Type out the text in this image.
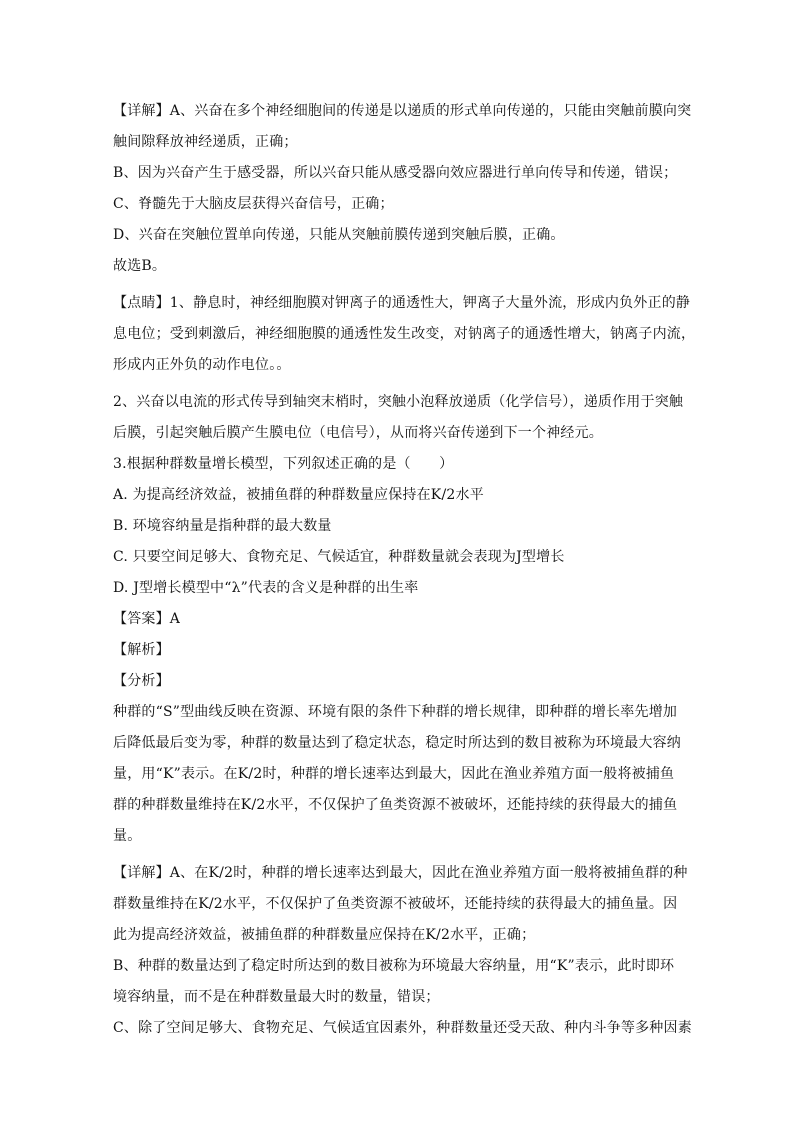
【详解】A、兴奋在多个神经细胞间的传递是以递质的形式单向传递的，只能由突触前膜向突
触间隙释放神经递质，正确；
B、因为兴奋产生于感受器，所以兴奋只能从感受器向效应器进行单向传导和传递，错误；
C、脊髓先于大脑皮层获得兴奋信号，正确；
D、兴奋在突触位置单向传递，只能从突触前膜传递到突触后膜，正确。
故选B。
【点睛】1、静息时，神经细胞膜对钾离子的通透性大，钾离子大量外流，形成内负外正的静
息电位；受到刺激后，神经细胞膜的通透性发生改变，对钠离子的通透性增大，钠离子内流，
形成内正外负的动作电位。。
2、兴奋以电流的形式传导到轴突末梢时，突触小泡释放递质（化学信号），递质作用于突触
后膜，引起突触后膜产生膜电位（电信号），从而将兴奋传递到下一个神经元。
3.根据种群数量增长模型，下列叙述正确的是（　　）
A. 为提高经济效益，被捕鱼群的种群数量应保持在K/2水平
B. 环境容纳量是指种群的最大数量
C. 只要空间足够大、食物充足、气候适宜，种群数量就会表现为J型增长
D. J型增长模型中“λ”代表的含义是种群的出生率
【答案】A
【解析】
【分析】
种群的“S”型曲线反映在资源、环境有限的条件下种群的增长规律，即种群的增长率先增加
后降低最后变为零，种群的数量达到了稳定状态，稳定时所达到的数目被称为环境最大容纳
量，用“K”表示。在K/2时，种群的增长速率达到最大，因此在渔业养殖方面一般将被捕鱼
群的种群数量维持在K/2水平，不仅保护了鱼类资源不被破坏，还能持续的获得最大的捕鱼
量。
【详解】A、在K/2时，种群的增长速率达到最大，因此在渔业养殖方面一般将被捕鱼群的种
群数量维持在K/2水平，不仅保护了鱼类资源不被破坏，还能持续的获得最大的捕鱼量。因
此为提高经济效益，被捕鱼群的种群数量应保持在K/2水平，正确；
B、种群的数量达到了稳定时所达到的数目被称为环境最大容纳量，用“K”表示，此时即环
境容纳量，而不是在种群数量最大时的数量，错误；
C、除了空间足够大、食物充足、气候适宜因素外，种群数量还受天敌、种内斗争等多种因素
